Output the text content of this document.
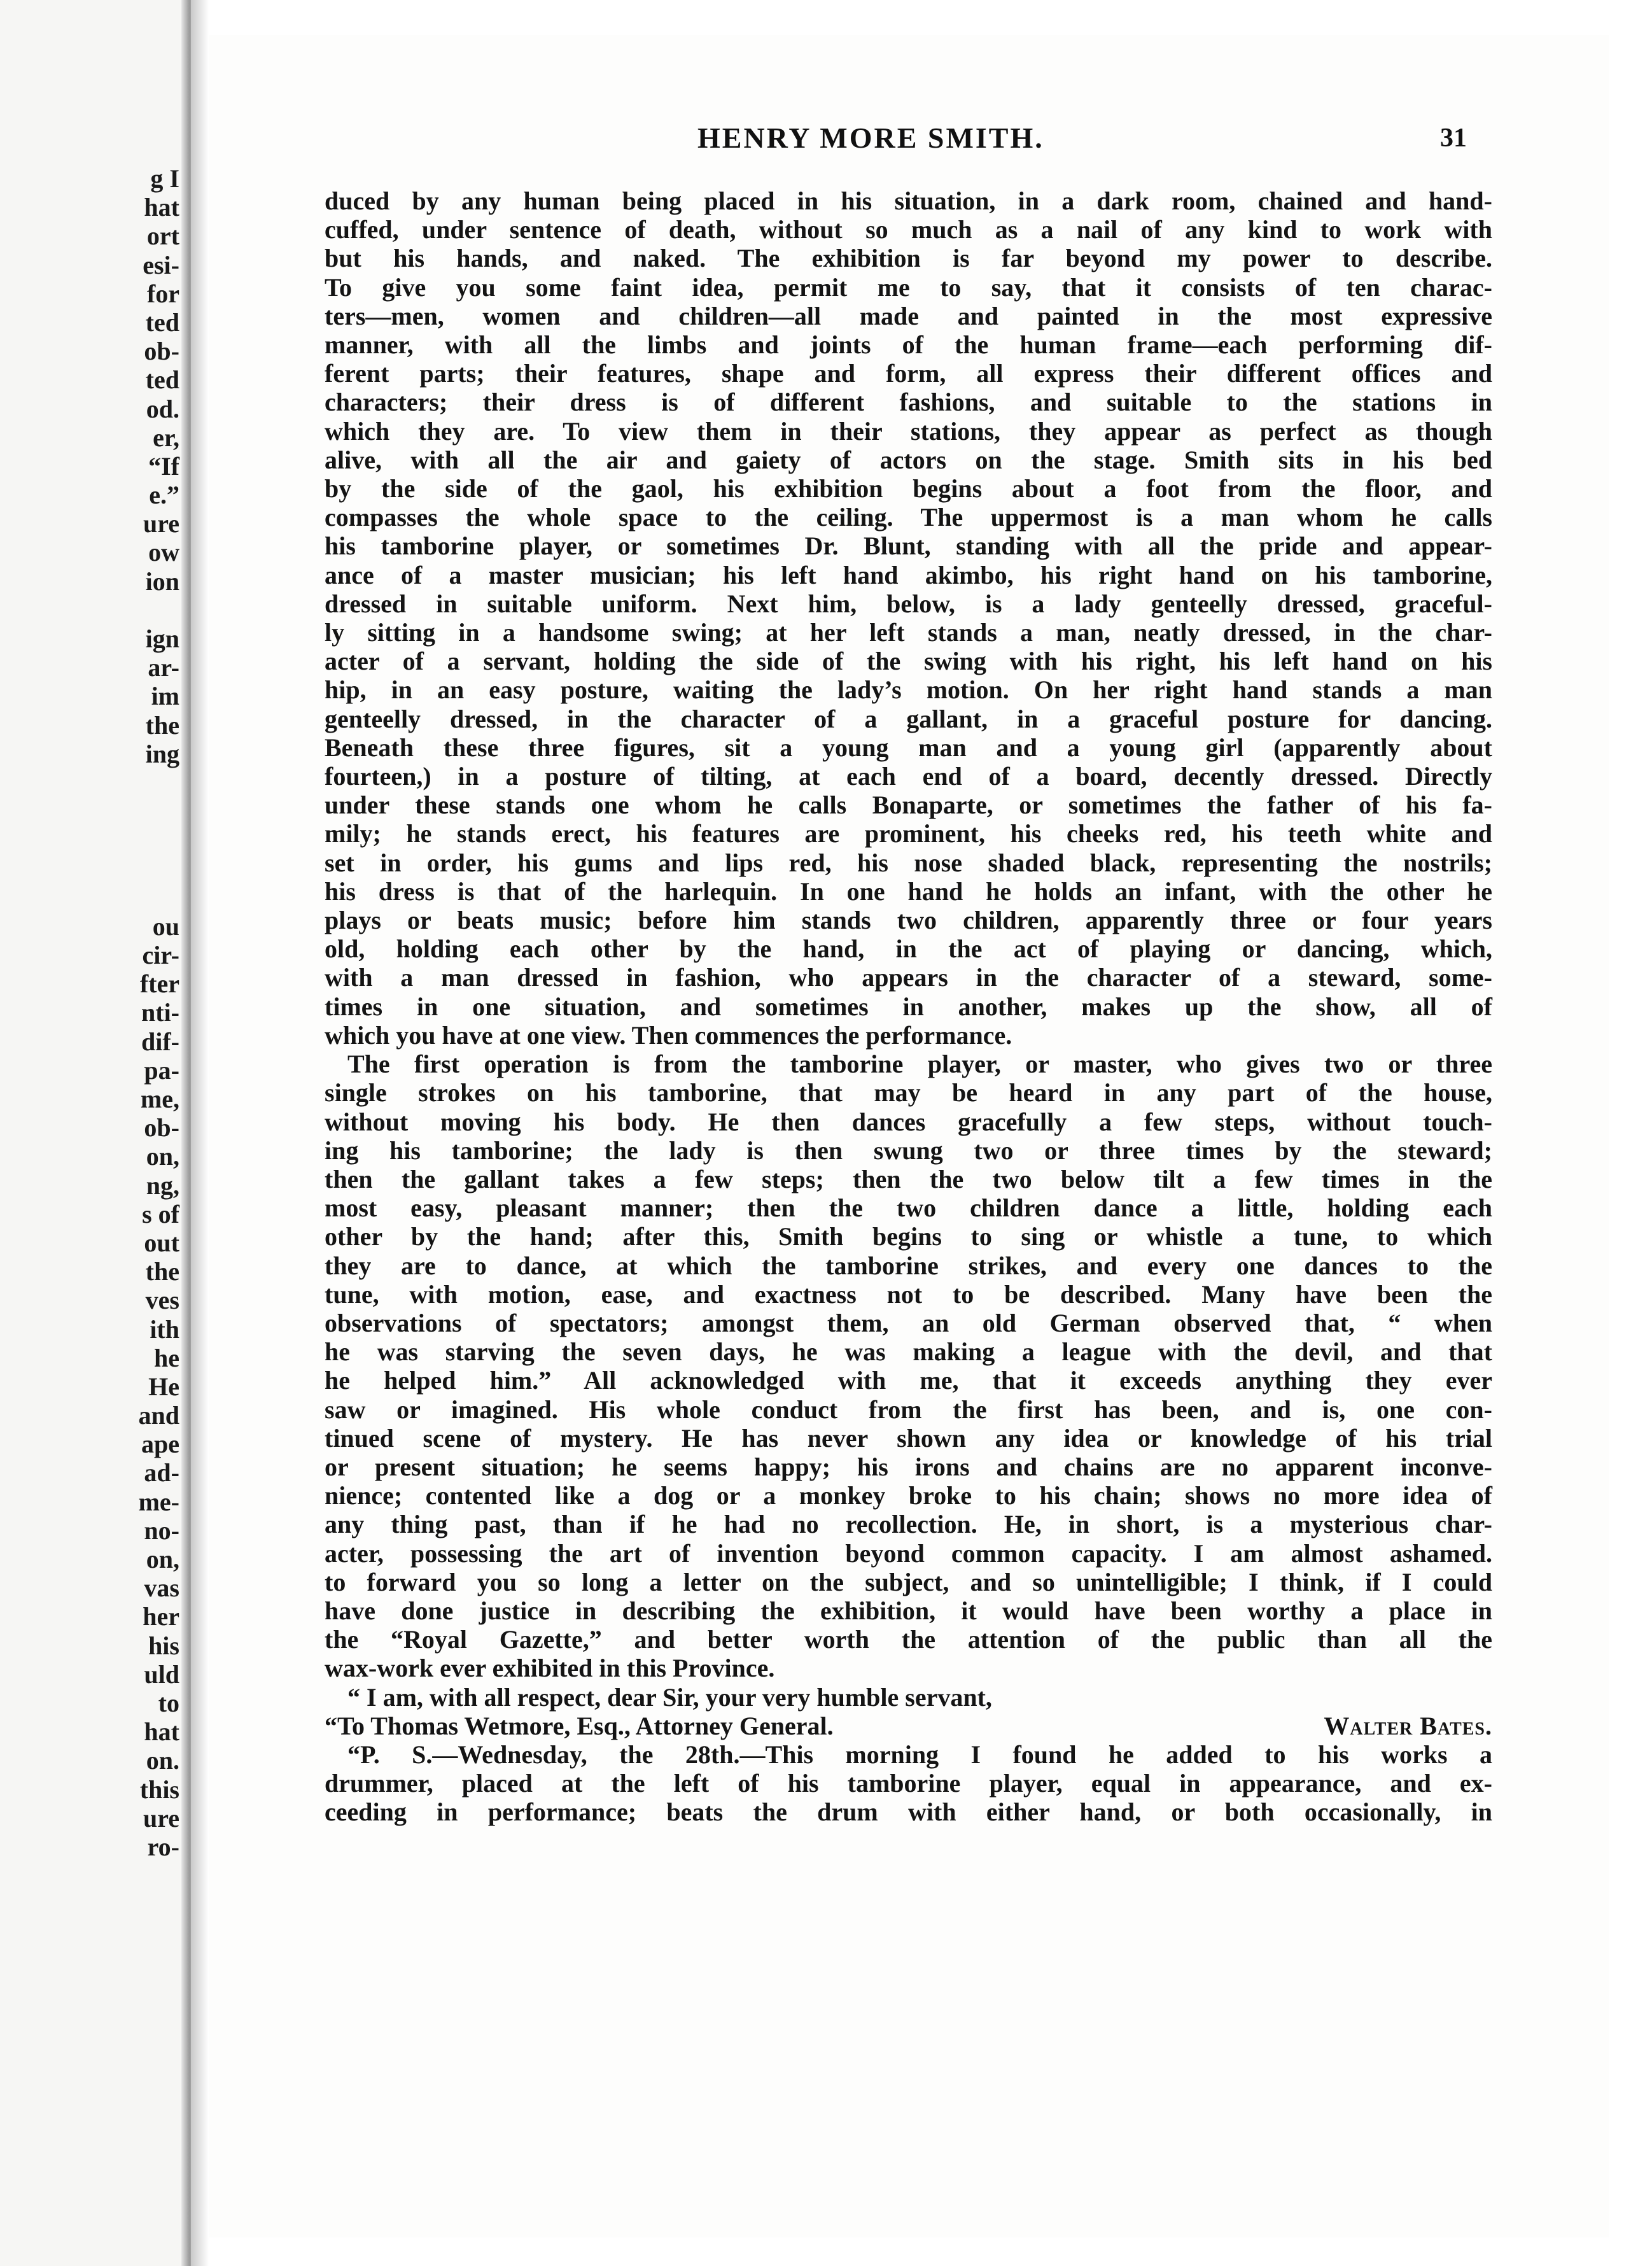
g I
hat
ort
esi-
for
ted
ob-
ted
od.
er,
“If
e.”
ure
ow
ion
ign
ar-
im
the
ing
ou
cir-
fter
nti-
dif-
pa-
me,
ob-
on,
ng,
s of
out
the
ves
ith
he
He
and
ape
ad-
me-
no-
on,
vas
her
his
uld
to
hat
on.
this
ure
ro-
HENRY MORE SMITH.	31

duced by any human being placed in his situation, in a dark room, chained and hand-

cuffed, under sentence of death, without so much as a nail of any kind to work with

but his hands, and naked. The exhibition is far beyond my power to describe.

To give you some faint idea, permit me to say, that it consists of ten charac-

ters—men, women and children—all made and painted in the most expressive

manner, with all the limbs and joints of the human frame—each performing dif-

ferent parts; their features, shape and form, all express their different offices and

characters; their dress is of different fashions, and suitable to the stations in

which they are. To view them in their stations, they appear as perfect as though

alive, with all the air and gaiety of actors on the stage. Smith sits in his bed

by the side of the gaol, his exhibition begins about a foot from the floor, and

compasses the whole space to the ceiling. The uppermost is a man whom he calls

his tamborine player, or sometimes Dr. Blunt, standing with all the pride and appear-

ance of a master musician; his left hand akimbo, his right hand on his tamborine,

dressed in suitable uniform. Next him, below, is a lady genteelly dressed, graceful-

ly sitting in a handsome swing; at her left stands a man, neatly dressed, in the char-

acter of a servant, holding the side of the swing with his right, his left hand on his

hip, in an easy posture, waiting the lady’s motion. On her right hand stands a man

genteelly dressed, in the character of a gallant, in a graceful posture for dancing.

Beneath these three figures, sit a young man and a young girl (apparently about

fourteen,) in a posture of tilting, at each end of a board, decently dressed. Directly

under these stands one whom he calls Bonaparte, or sometimes the father of his fa-

mily; he stands erect, his features are prominent, his cheeks red, his teeth white and

set in order, his gums and lips red, his nose shaded black, representing the nostrils;

his dress is that of the harlequin. In one hand he holds an infant, with the other he

plays or beats music; before him stands two children, apparently three or four years

old, holding each other by the hand, in the act of playing or dancing, which,

with a man dressed in fashion, who appears in the character of a steward, some-

times in one situation, and sometimes in another, makes up the show, all of

which you have at one view. Then commences the performance.

The first operation is from the tamborine player, or master, who gives two or three

single strokes on his tamborine, that may be heard in any part of the house,

without moving his body. He then dances gracefully a few steps, without touch-

ing his tamborine; the lady is then swung two or three times by the steward;

then the gallant takes a few steps; then the two below tilt a few times in the

most easy, pleasant manner; then the two children dance a little, holding each

other by the hand; after this, Smith begins to sing or whistle a tune, to which

they are to dance, at which the tamborine strikes, and every one dances to the

tune, with motion, ease, and exactness not to be described. Many have been the

observations of spectators; amongst them, an old German observed that, “ when

he was starving the seven days, he was making a league with the devil, and that

he helped him.” All acknowledged with me, that it exceeds anything they ever

saw or imagined. His whole conduct from the first has been, and is, one con-

tinued scene of mystery. He has never shown any idea or knowledge of his trial

or present situation; he seems happy; his irons and chains are no apparent inconve-

nience; contented like a dog or a monkey broke to his chain; shows no more idea of

any thing past, than if he had no recollection. He, in short, is a mysterious char-

acter, possessing the art of invention beyond common capacity. I am almost ashamed.

to forward you so long a letter on the subject, and so unintelligible; I think, if I could

have done justice in describing the exhibition, it would have been worthy a place in

the “Royal Gazette,” and better worth the attention of the public than all the

wax-work ever exhibited in this Province.

“ I am, with all respect, dear Sir, your very humble servant,

“To Thomas Wetmore, Esq., Attorney General.	Walter Bates.

“P. S.—Wednesday, the 28th.—This morning I found he added to his works a

drummer, placed at the left of his tamborine player, equal in appearance, and ex-

ceeding in performance; beats the drum with either hand, or both occasionally, in
